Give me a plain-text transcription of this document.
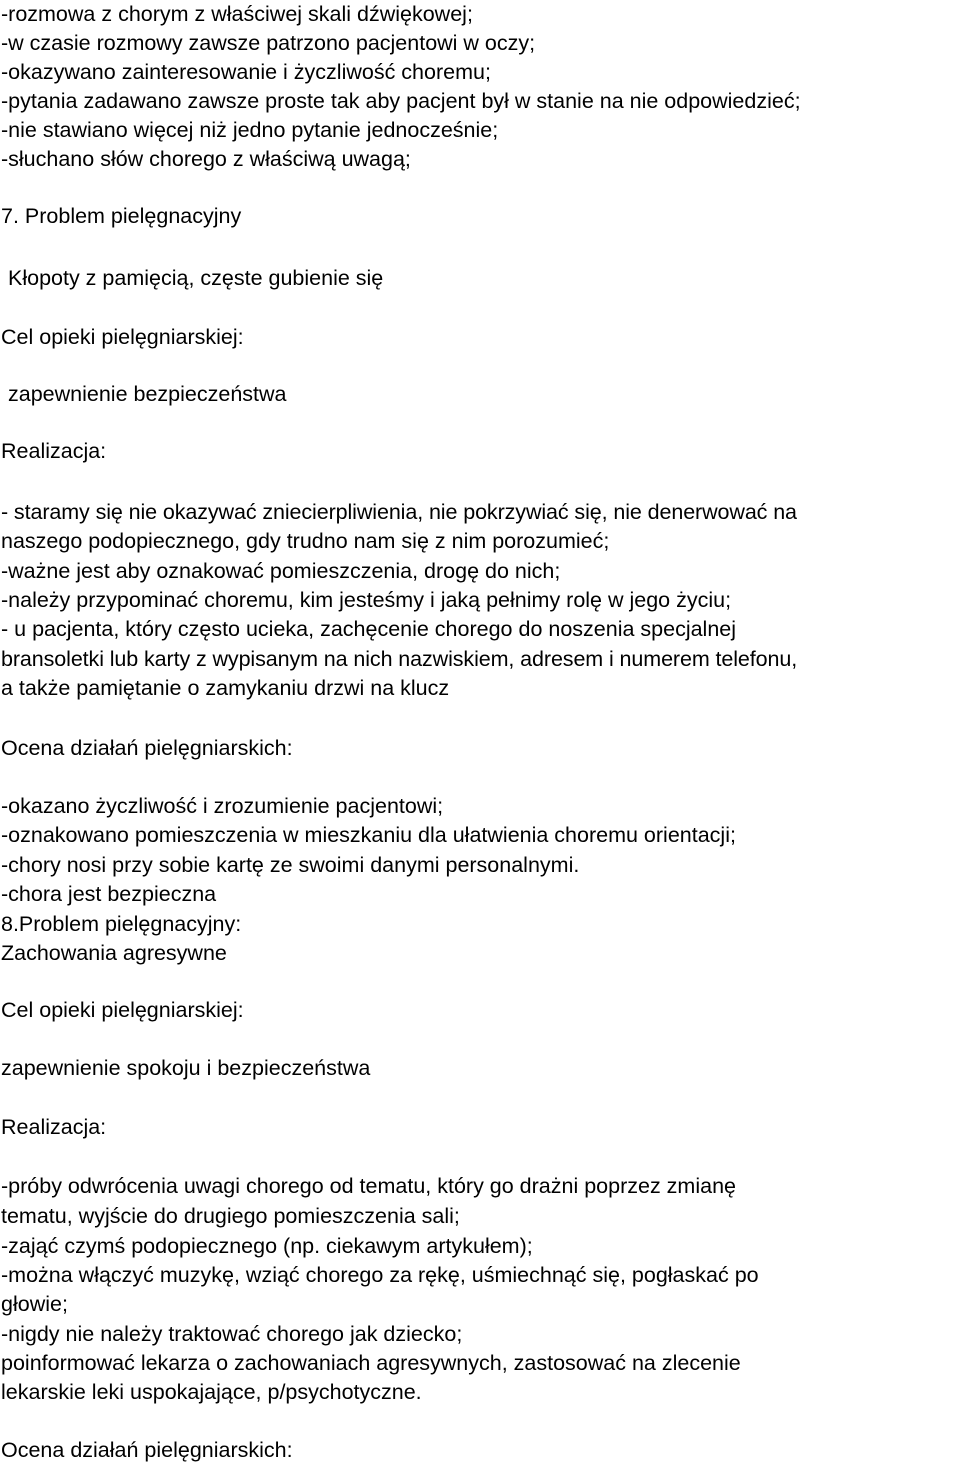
-rozmowa z chorym z właściwej skali dźwiękowej;

-w czasie rozmowy zawsze patrzono pacjentowi w oczy;

-okazywano zainteresowanie i życzliwość choremu;

-pytania zadawano zawsze proste tak aby pacjent był w stanie na nie odpowiedzieć;

-nie stawiano więcej niż jedno pytanie jednocześnie;

-słuchano słów chorego z właściwą uwagą;

7. Problem pielęgnacyjny

Kłopoty z pamięcią, częste gubienie się

Cel opieki pielęgniarskiej:

zapewnienie bezpieczeństwa

Realizacja:

- staramy się nie okazywać zniecierpliwienia, nie pokrzywiać się, nie denerwować na

naszego podopiecznego, gdy trudno nam się z nim porozumieć;

-ważne jest aby oznakować pomieszczenia, drogę do nich;

-należy przypominać choremu, kim jesteśmy i jaką pełnimy rolę w jego życiu;

- u pacjenta, który często ucieka, zachęcenie chorego do noszenia specjalnej

bransoletki lub karty z wypisanym na nich nazwiskiem, adresem i numerem telefonu,

a także pamiętanie o zamykaniu drzwi na klucz

Ocena działań pielęgniarskich:

-okazano życzliwość i zrozumienie pacjentowi;

-oznakowano pomieszczenia w mieszkaniu dla ułatwienia choremu orientacji;

-chory nosi przy sobie kartę ze swoimi danymi personalnymi.

-chora jest bezpieczna

8.Problem pielęgnacyjny:

Zachowania agresywne

Cel opieki pielęgniarskiej:

zapewnienie spokoju i bezpieczeństwa

Realizacja:

-próby odwrócenia uwagi chorego od tematu, który go drażni poprzez zmianę

tematu, wyjście do drugiego pomieszczenia sali;

-zająć czymś podopiecznego (np. ciekawym artykułem);

-można włączyć muzykę, wziąć chorego za rękę, uśmiechnąć się, pogłaskać po

głowie;

-nigdy nie należy traktować chorego jak dziecko;

poinformować lekarza o zachowaniach agresywnych, zastosować na zlecenie

lekarskie leki uspokajające, p/psychotyczne.

Ocena działań pielęgniarskich:
